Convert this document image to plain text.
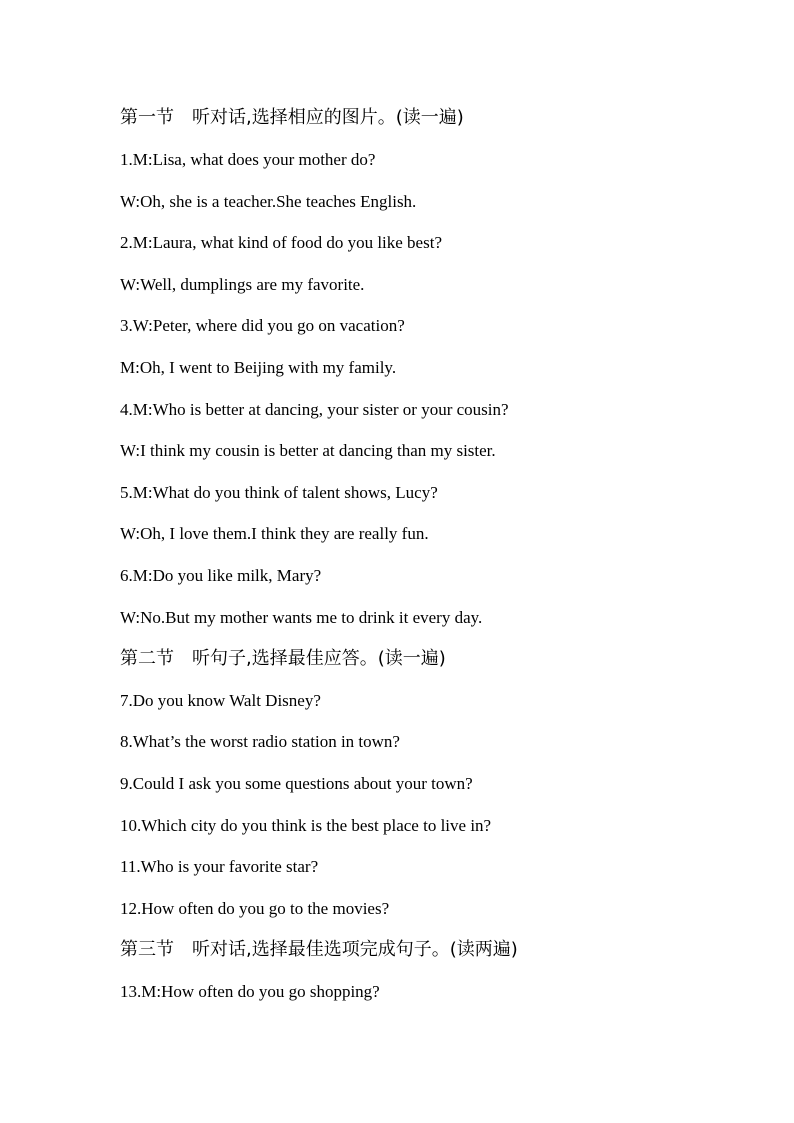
第一节 听对话,选择相应的图片。(读一遍)
1.M:Lisa, what does your mother do?
W:Oh, she is a teacher.She teaches English.
2.M:Laura, what kind of food do you like best?
W:Well, dumplings are my favorite.
3.W:Peter, where did you go on vacation?
M:Oh, I went to Beijing with my family.
4.M:Who is better at dancing, your sister or your cousin?
W:I think my cousin is better at dancing than my sister.
5.M:What do you think of talent shows, Lucy?
W:Oh, I love them.I think they are really fun.
6.M:Do you like milk, Mary?
W:No.But my mother wants me to drink it every day.
第二节 听句子,选择最佳应答。(读一遍)
7.Do you know Walt Disney?
8.What’s the worst radio station in town?
9.Could I ask you some questions about your town?
10.Which city do you think is the best place to live in?
11.Who is your favorite star?
12.How often do you go to the movies?
第三节 听对话,选择最佳选项完成句子。(读两遍)
13.M:How often do you go shopping?
